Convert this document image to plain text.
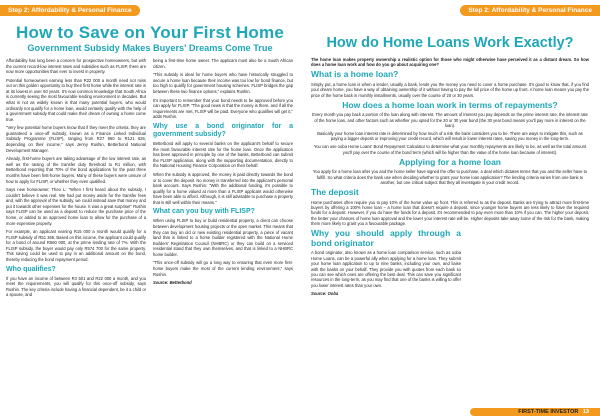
Step 2: Affordability & Personal Finance
How to Save on Your First Home
Government Subsidy Makes Buyers' Dreams Come True

Affordability has long been a concern for prospective homeowners, but with the current record-low interest rates and subsidies such as FLISP, there are now more opportunities than ever to invest in property.

Potential homeowners earning less than R22 000 a month need not miss out on this golden opportunity to buy their first home while the interest rate is at its lowest in over 50 years. It's now common knowledge that South Africa is currently seeing the most favourable lending environment in decades. But what is not as widely known is that many potential buyers, who would ordinarily not qualify for a home loan, would certainly qualify with the help of a government subsidy that could make their dream of owning a home come true.

"Very few potential home buyers know that if they meet the criteria, they are guaranteed a once-off subsidy, known as a Finance Linked Individual Subsidy Programme (FLISP), ranging from R27 960 to R121 626, depending on their income," says Jenny Rushin, Betterbond National Development Manager.

Already, first-home buyers are taking advantage of the low interest rate, as well as the raising of the transfer duty threshold to R1 million, with Betterbond reporting that 70% of the bond applications for the past three months have been first-home buyers. Many of these buyers were unsure of how to apply for FLISP, or whether they even qualified.

Says new homeowner, Theo L: "When I first heard about the subsidy, I couldn't believe it was real. We had put money aside for the transfer fees and, with the approval of the subsidy, we could instead save that money and put it towards other expenses for the house. It was a great surprise!" Rushin says FLISP can be used as a deposit to reduce the purchase price of the home, or added to an approved home loan to allow for the purchase of a more expensive property.

For example, an applicant earning R15 000 a month would qualify for a FLISP subsidy of R51 365. Based on this income, the applicant could qualify for a bond of around R560 000, at the prime lending rate of 7%. With the FLISP subsidy, the buyer would pay only R574 700 for the same property. This saving could be used to pay in an additional amount on the bond, thereby reducing the bond repayment period.

Who qualifies?

If you have an income of between R3 501 and R22 000 a month, and you meet the requirements, you will qualify for this once-off subsidy, says Rushin. The key criteria include having a financial dependent, be it a child or a spouse, and

being a first-time home owner. The applicant must also be a South African citizen.

"This subsidy is ideal for home buyers who have historically struggled to secure a home loan because their income was too low for bond finance, but too high to qualify for government housing schemes. FLISP bridges the gap between these two finance options," explains Rushin.

It's important to remember that your bond needs to be approved before you can apply for FLISP. "The good news is that the money is there, and if all the requirements are met, FLISP will be paid. Everyone who qualifies will get it," adds Rushin.

Why use a bond originator for a government subsidy?

Betterbond will apply to several banks on the applicant's behalf to secure the most favourable interest rate for the home loan. Once the application has been approved in principle by one of the banks, Betterbond can submit the FLISP application, along with the supporting documentation, directly to the National Housing Finance Corporation on their behalf.

When the subsidy is approved, the money is paid directly towards the bond or to cover the deposit. No money is transferred into the applicant's personal bank account. Says Rushin: "With the additional funding, it's possible to qualify for a home valued at more than a FLISP applicant would otherwise have been able to afford. Although, it is still advisable to purchase a property that is still well within their means."

What can you buy with FLISP?

When using FLISP to buy or build residential property, a client can choose between development housing projects or the open market. This means that they can buy an old or new existing residential property, a piece of vacant land that is linked to a home builder registered with the National Home Builders' Registration Council (NHBRC) or they can build on a serviced residential stand that they own themselves, and that is linked to a NHBRC home builder.

"This once-off subsidy will go a long way to ensuring that even more first-home buyers make the most of the current lending environment," says Rushin.

Source: Betterbond

Step 2: Affordability & Personal Finance
How do Home Loans Work Exactly?

The home loan makes property ownership a realistic option for those who might otherwise have perceived it as a distant dream. So how does a home loan work and how do you go about acquiring one?

What is a home loan?

Simply put, a home loan is when a lender, usually a bank, lends you the money you need to cover a home purchase. It's good to know that, if you find your dream home, you have a way of obtaining ownership of it without having to pay the full price of the home up front. A home loan means you pay the price of the home back in monthly installments, usually over the course of 20 or 30 years.

How does a home loan work in terms of repayments?

Every month you pay back a portion of the loan along with interest. The amount of interest you pay depends on the prime interest rate, the interest rate of the home loan, and other factors such as whether you opted for the 20 or 30 year bond (the 30 year bond means you'll pay more in interest on the loan).

Basically your home loan interest rate is determined by how much of a risk the bank considers you to be. There are ways to mitigate this, such as paying a bigger deposit or improving your credit record, which will result in lower interest rates, saving you money in the long-term.

You can use ooba Home Loans' Bond Repayment Calculator to determine what your monthly repayments are likely to be, as well as the total amount you'll pay over the course of the bond term (which will be higher than the value of the home loan because of interest).

Applying for a home loan

You apply for a home loan after you and the home seller have signed the offer to purchase, a deal which dictates terms that you and the seller have to fulfill. So what criteria does the bank use when deciding whether to grant your home loan application? The lending criteria varies from one bank to another, but one critical subject that they all investigate is your credit record.

The deposit

Home purchases often require you to pay 10% of the home value up front. This is referred to as the deposit. Banks are trying to attract more first-time buyers by offering a 100% home loan – a home loan that doesn't require a deposit, since younger home buyers are less likely to have the required funds for a deposit. However, if you do have the funds for a deposit, it's recommended to pay even more than 10% if you can. The higher your deposit, the better your chances of home loan approval and the lower your interest rate will be. Higher deposits take away some of the risk for the bank, making them more likely to grant you a favourable package.

Why you should apply through a bond originator

A bond originator, also known as a home loan comparison service, such as ooba Home Loans, can be a powerful ally when applying for a home loan. They submit your home loan application to up to nine banks, including your own, and liaise with the banks on your behalf. They provide you with quotes from each bank so you can see which ones are offering the best deal. This can save you significant resources in the long-term, as you may find that one of the banks is willing to offer you lower interest rates than your own.

Source: Ooba

FIRST-TIME INVESTOR 13
